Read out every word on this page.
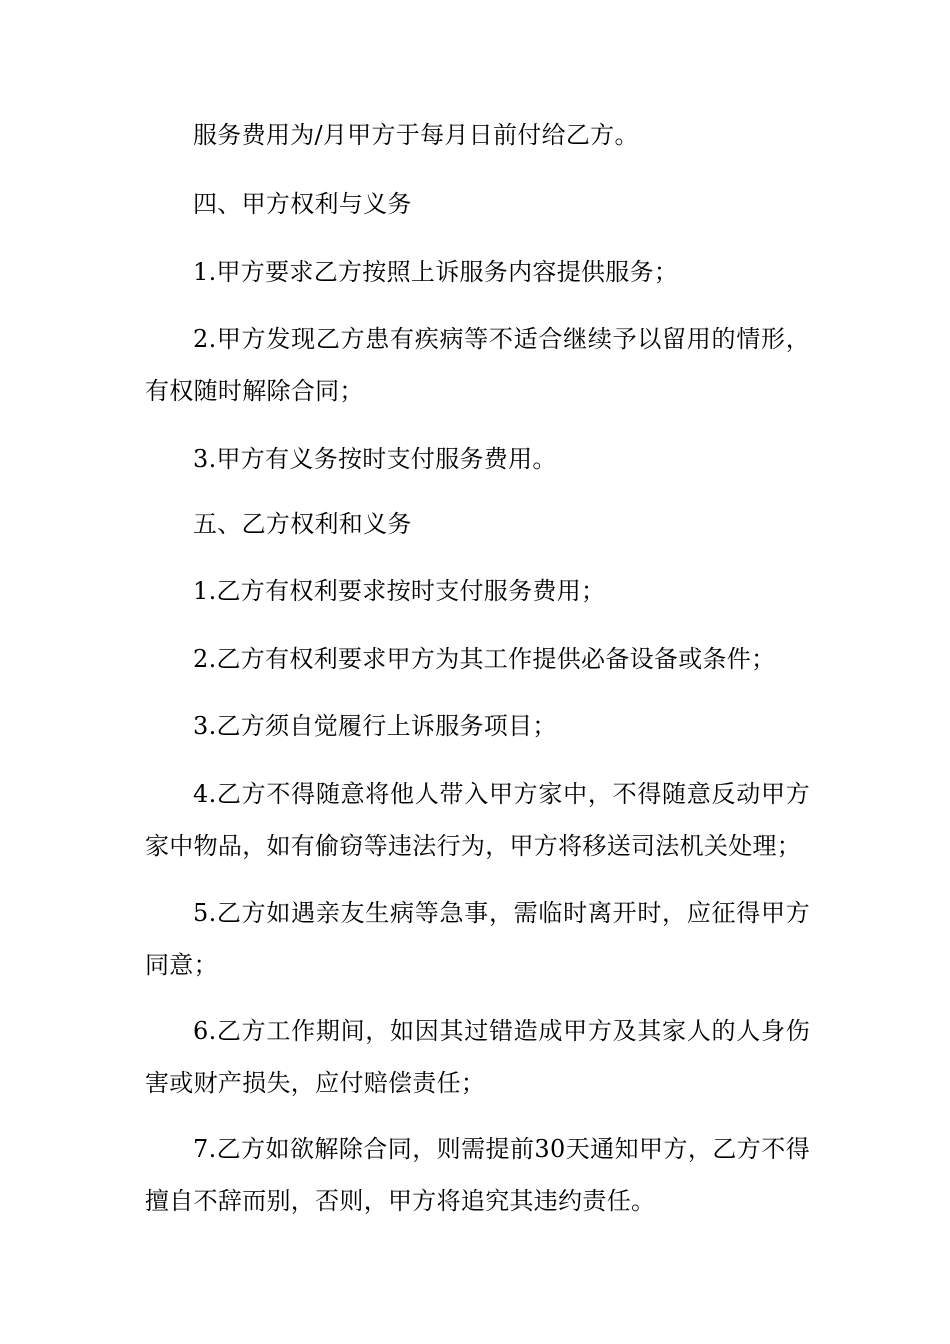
服务费用为/月甲方于每月日前付给乙方。

四、甲方权利与义务

1.甲方要求乙方按照上诉服务内容提供服务；

2.甲方发现乙方患有疾病等不适合继续予以留用的情形，有权随时解除合同；

3.甲方有义务按时支付服务费用。

五、乙方权利和义务

1.乙方有权利要求按时支付服务费用；

2.乙方有权利要求甲方为其工作提供必备设备或条件；

3.乙方须自觉履行上诉服务项目；

4.乙方不得随意将他人带入甲方家中，不得随意反动甲方家中物品，如有偷窃等违法行为，甲方将移送司法机关处理；

5.乙方如遇亲友生病等急事，需临时离开时，应征得甲方同意；

6.乙方工作期间，如因其过错造成甲方及其家人的人身伤害或财产损失，应付赔偿责任；

7.乙方如欲解除合同，则需提前30天通知甲方，乙方不得擅自不辞而别，否则，甲方将追究其违约责任。
